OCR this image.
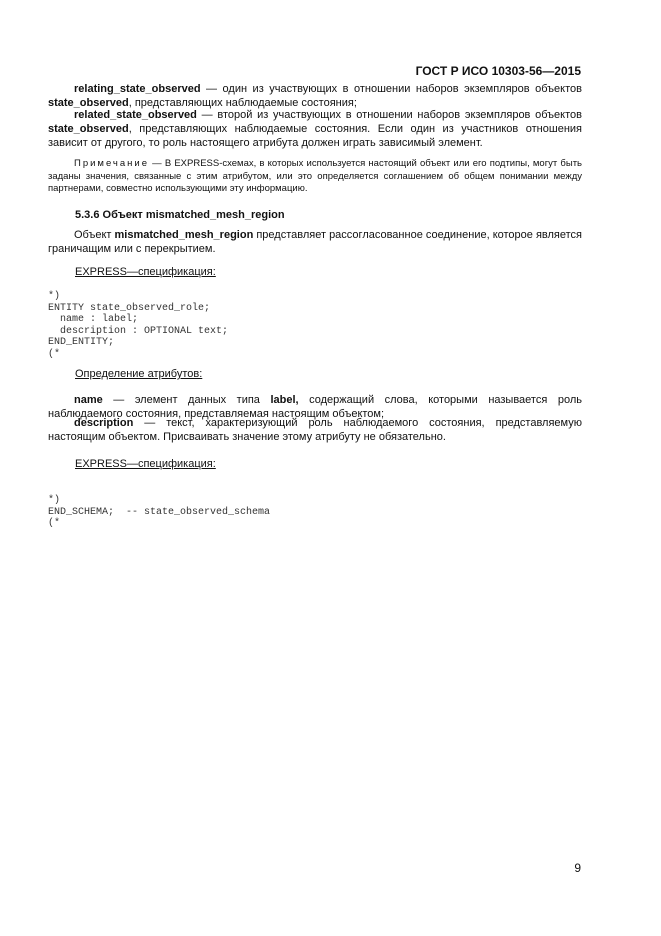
ГОСТ Р ИСО 10303-56—2015
relating_state_observed — один из участвующих в отношении наборов экземпляров объектов state_observed, представляющих наблюдаемые состояния;
related_state_observed — второй из участвующих в отношении наборов экземпляров объектов state_observed, представляющих наблюдаемые состояния. Если один из участников отношения зависит от другого, то роль настоящего атрибута должен играть зависимый элемент.
Примечание — В EXPRESS-схемах, в которых используется настоящий объект или его подтипы, могут быть заданы значения, связанные с этим атрибутом, или это определяется соглашением об общем понимании между партнерами, совместно использующими эту информацию.
5.3.6 Объект mismatched_mesh_region
Объект mismatched_mesh_region представляет рассогласованное соединение, которое является граничащим или с перекрытием.
EXPRESS—спецификация:
*)
ENTITY state_observed_role;
name : label;
description : OPTIONAL text;
END_ENTITY;
(*
Определение атрибутов:
name — элемент данных типа label, содержащий слова, которыми называется роль наблюдаемого состояния, представляемая настоящим объектом;
description — текст, характеризующий роль наблюдаемого состояния, представляемую настоящим объектом. Присваивать значение этому атрибуту не обязательно.
EXPRESS—спецификация:
*)
END_SCHEMA;  -- state_observed_schema
(*
9
